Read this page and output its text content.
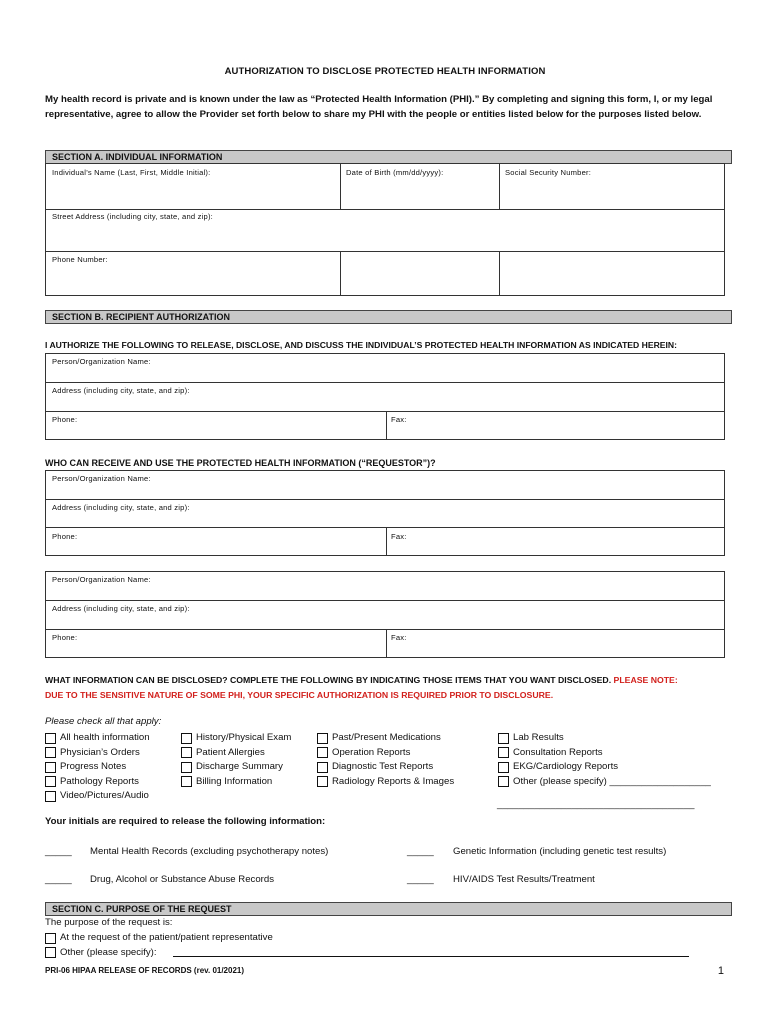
AUTHORIZATION TO DISCLOSE PROTECTED HEALTH INFORMATION
My health record is private and is known under the law as “Protected Health Information (PHI).” By completing and signing this form, I, or my legal representative, agree to allow the Provider set forth below to share my PHI with the people or entities listed below for the purposes listed below.
SECTION A. INDIVIDUAL INFORMATION
Individual’s Name (Last, First, Middle Initial):	Date of Birth (mm/dd/yyyy):	Social Security Number:
Street Address (including city, state, and zip):
Phone Number:
SECTION B. RECIPIENT AUTHORIZATION
I AUTHORIZE THE FOLLOWING TO RELEASE, DISCLOSE, AND DISCUSS THE INDIVIDUAL’S PROTECTED HEALTH INFORMATION AS INDICATED HEREIN:
Person/Organization Name:
Address (including city, state, and zip):
Phone:	Fax:
WHO CAN RECEIVE AND USE THE PROTECTED HEALTH INFORMATION (“REQUESTOR”)?
Person/Organization Name:
Address (including city, state, and zip):
Phone:	Fax:
Person/Organization Name:
Address (including city, state, and zip):
Phone:	Fax:
WHAT INFORMATION CAN BE DISCLOSED? COMPLETE THE FOLLOWING BY INDICATING THOSE ITEMS THAT YOU WANT DISCLOSED. PLEASE NOTE:
DUE TO THE SENSITIVE NATURE OF SOME PHI, YOUR SPECIFIC AUTHORIZATION IS REQUIRED PRIOR TO DISCLOSURE.
Please check all that apply:
All health information
Physician’s Orders
Progress Notes
Pathology Reports
Video/Pictures/Audio
History/Physical Exam
Patient Allergies
Discharge Summary
Billing Information
Past/Present Medications
Operation Reports
Diagnostic Test Reports
Radiology Reports & Images
Lab Results
Consultation Reports
EKG/Cardiology Reports
Other (please specify)
___________________
_____________________________________
Your initials are required to release the following information:
_____ Mental Health Records (excluding psychotherapy notes)	_____ Genetic Information (including genetic test results)
_____ Drug, Alcohol or Substance Abuse Records	_____ HIV/AIDS Test Results/Treatment
SECTION C. PURPOSE OF THE REQUEST
The purpose of the request is:
At the request of the patient/patient representative
Other (please specify):
PRI-06 HIPAA RELEASE OF RECORDS (rev. 01/2021)	1
